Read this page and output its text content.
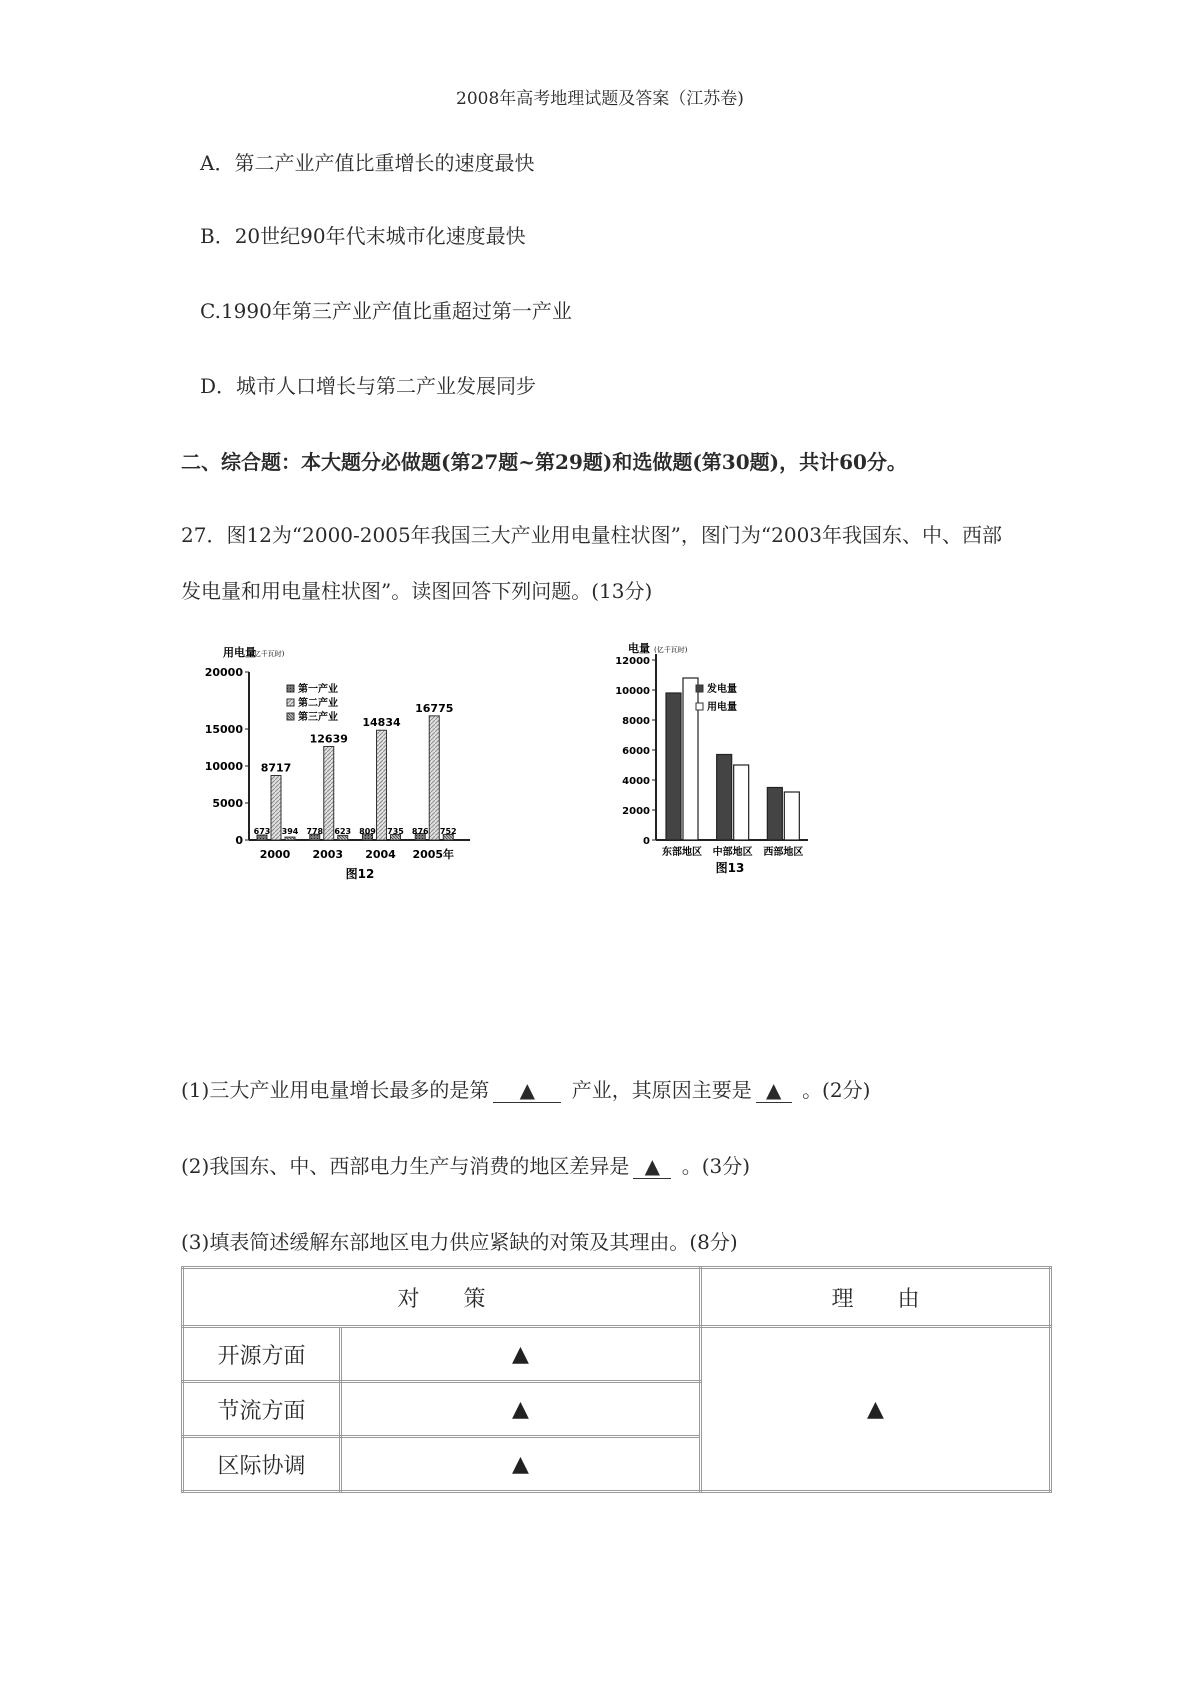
2008年高考地理试题及答案（江苏卷)
A．第二产业产值比重增长的速度最快
B．20世纪90年代末城市化速度最快
C.1990年第三产业产值比重超过第一产业
D．城市人口增长与第二产业发展同步
二、综合题：本大题分必做题(第27题~第29题)和选做题(第30题)，共计60分。
27．图12为“2000-2005年我国三大产业用电量柱状图”，图门为“2003年我国东、中、西部
发电量和用电量柱状图”。读图回答下列问题。(13分)
用电量
(亿千瓦时)
0
5000
10000
15000
20000
673
8717
394
2000
778
12639
623
2003
809
14834
735
2004
876
16775
752
2005年
第一产业
第二产业
第三产业
图12
电量 (亿千瓦时)
0
2000
4000
6000
8000
10000
12000
东部地区 中部地区 西部地区
发电量
用电量
图13
(1)三大产业用电量增长最多的是第 ▲ 产业，其原因主要是 ▲ 。(2分)
(2)我国东、中、西部电力生产与消费的地区差异是 ▲ 。(3分)
(3)填表简述缓解东部地区电力供应紧缺的对策及其理由。(8分)
对　　策		理　　由
开源方面	▲	▲
节流方面	▲	
区际协调	▲	
